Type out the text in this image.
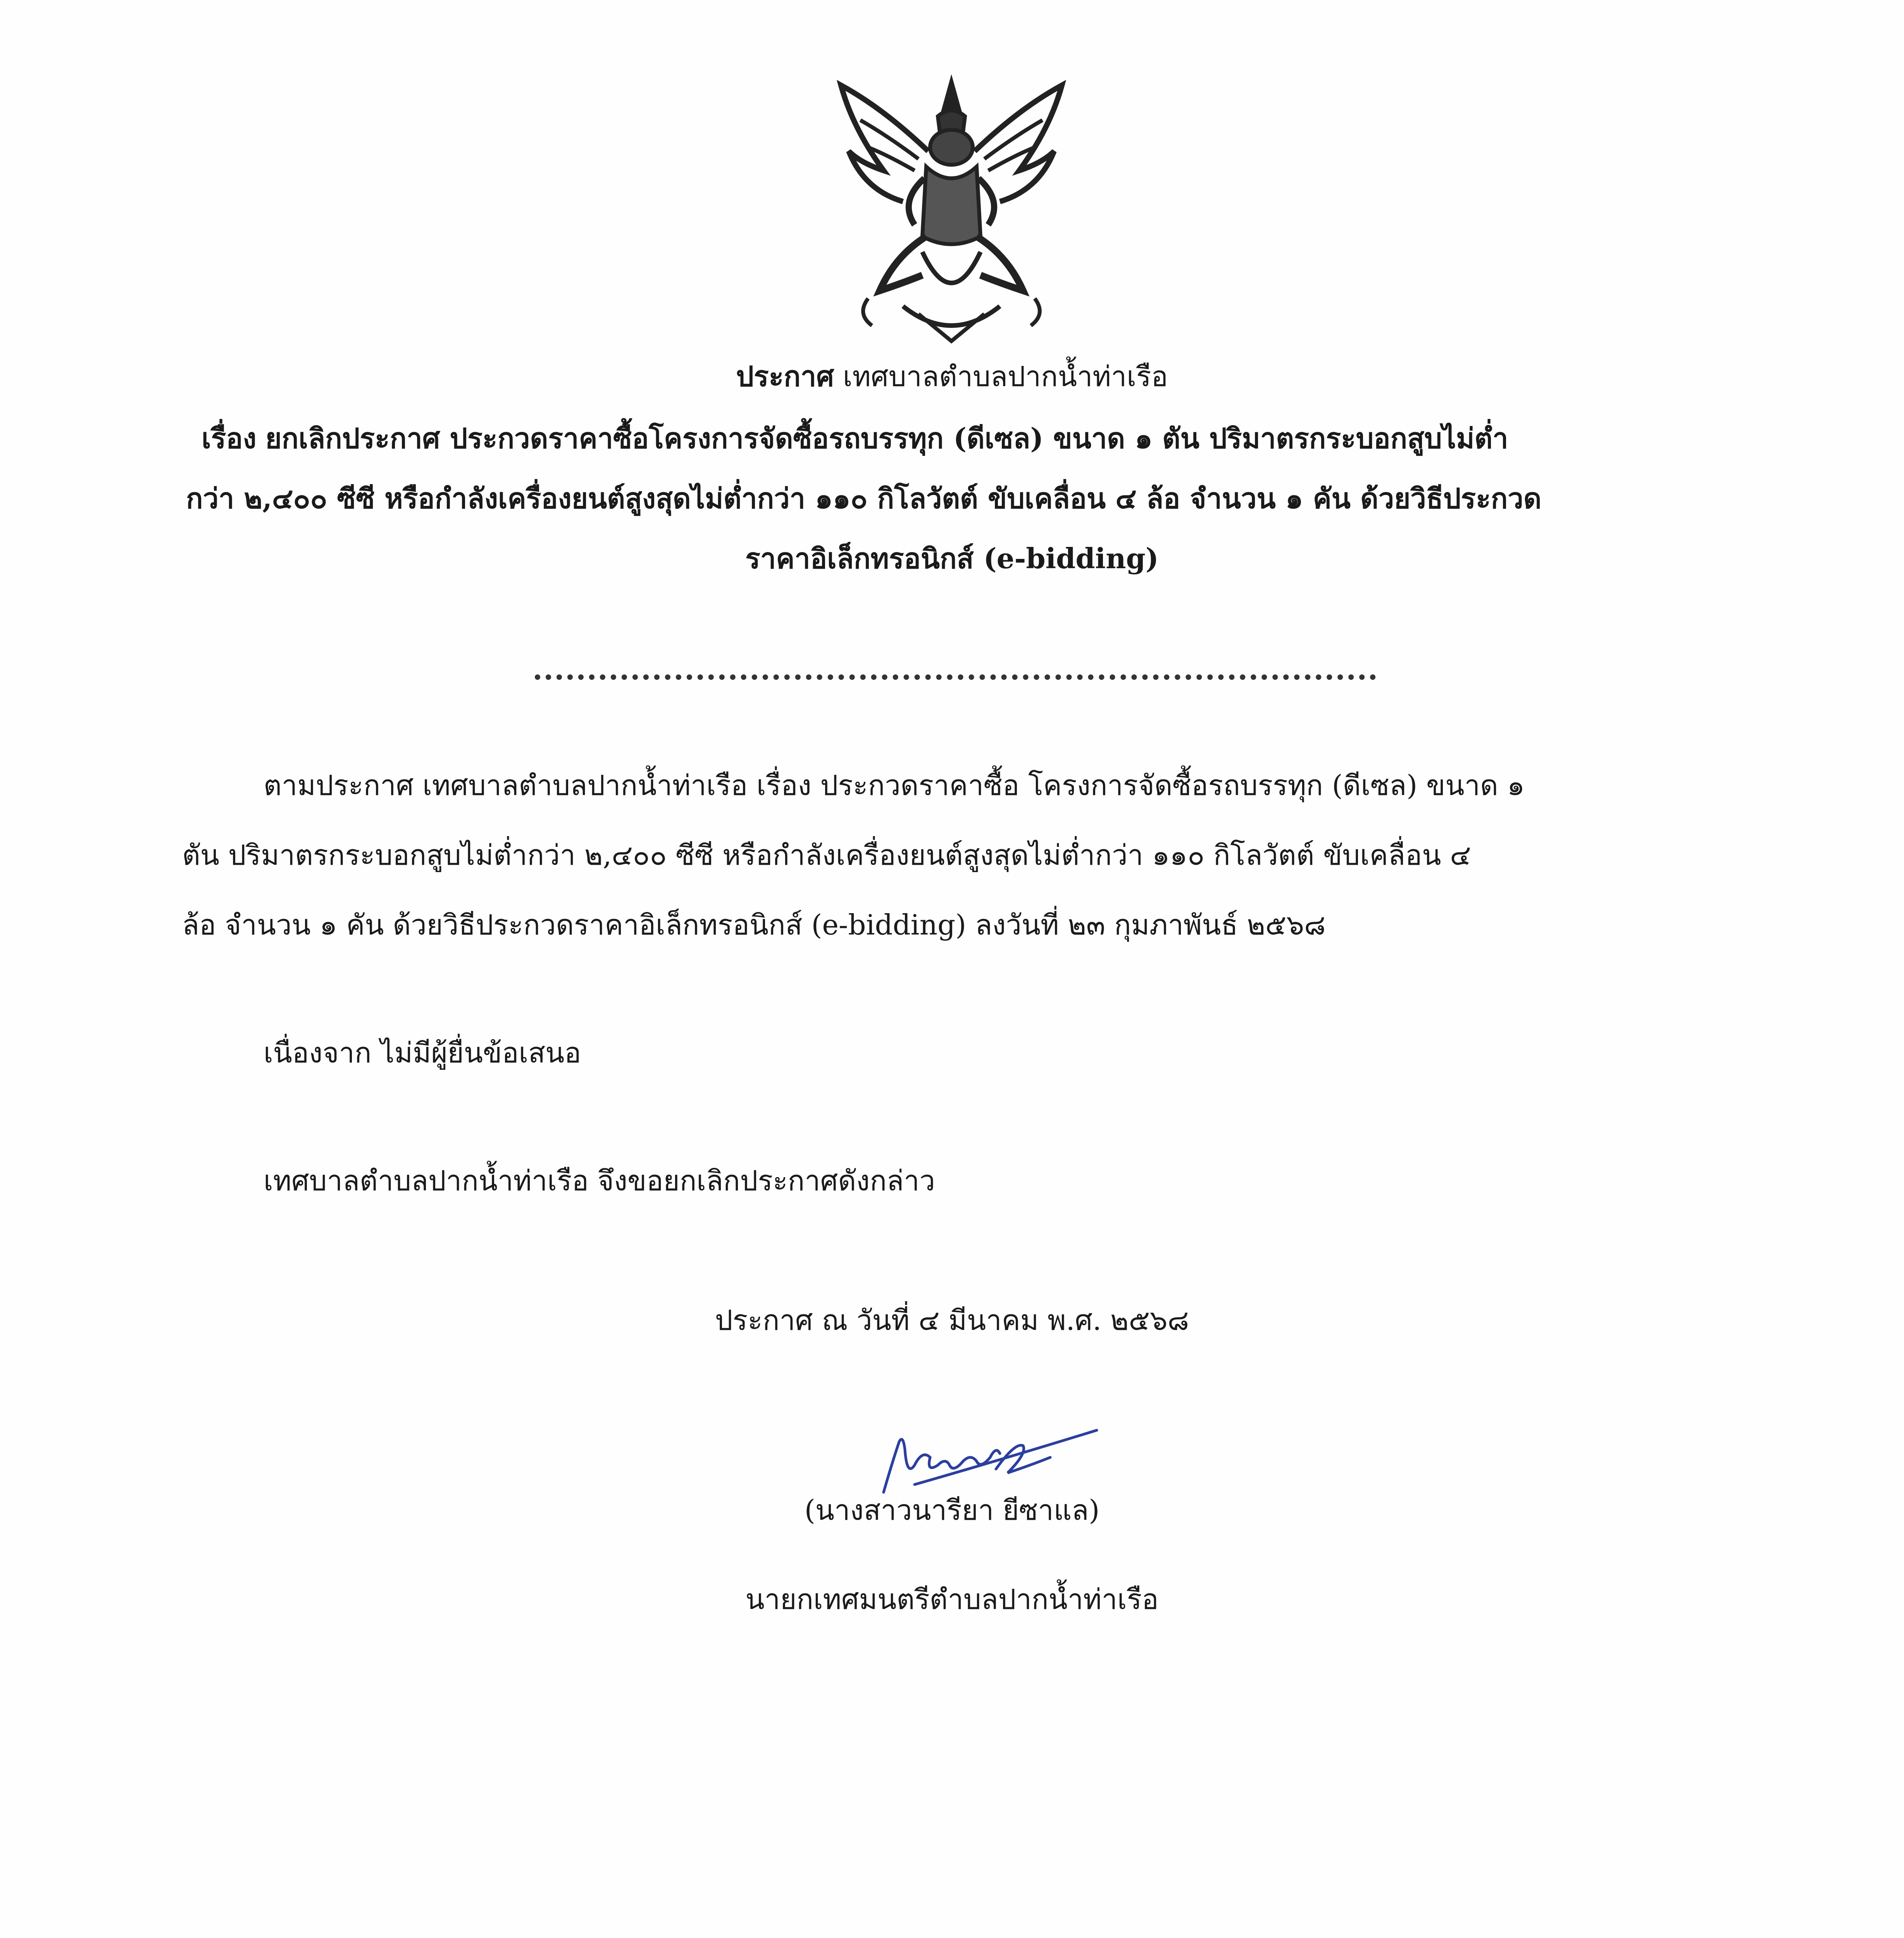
ประกาศ เทศบาลตำบลปากน้ำท่าเรือ
เรื่อง ยกเลิกประกาศ ประกวดราคาซื้อโครงการจัดซื้อรถบรรทุก (ดีเซล) ขนาด ๑ ตัน ปริมาตรกระบอกสูบไม่ต่ำ
กว่า ๒,๔๐๐ ซีซี หรือกำลังเครื่องยนต์สูงสุดไม่ต่ำกว่า ๑๑๐ กิโลวัตต์ ขับเคลื่อน ๔ ล้อ จำนวน ๑ คัน ด้วยวิธีประกวด
ราคาอิเล็กทรอนิกส์ (e-bidding)
ตามประกาศ เทศบาลตำบลปากน้ำท่าเรือ เรื่อง ประกวดราคาซื้อ โครงการจัดซื้อรถบรรทุก (ดีเซล) ขนาด ๑
ตัน ปริมาตรกระบอกสูบไม่ต่ำกว่า ๒,๔๐๐ ซีซี หรือกำลังเครื่องยนต์สูงสุดไม่ต่ำกว่า ๑๑๐ กิโลวัตต์ ขับเคลื่อน ๔
ล้อ จำนวน ๑ คัน ด้วยวิธีประกวดราคาอิเล็กทรอนิกส์ (e-bidding) ลงวันที่ ๒๓ กุมภาพันธ์ ๒๕๖๘
เนื่องจาก ไม่มีผู้ยื่นข้อเสนอ
เทศบาลตำบลปากน้ำท่าเรือ จึงขอยกเลิกประกาศดังกล่าว
ประกาศ ณ วันที่ ๔ มีนาคม พ.ศ. ๒๕๖๘
(นางสาวนารียา ยีซาแล)
นายกเทศมนตรีตำบลปากน้ำท่าเรือ
